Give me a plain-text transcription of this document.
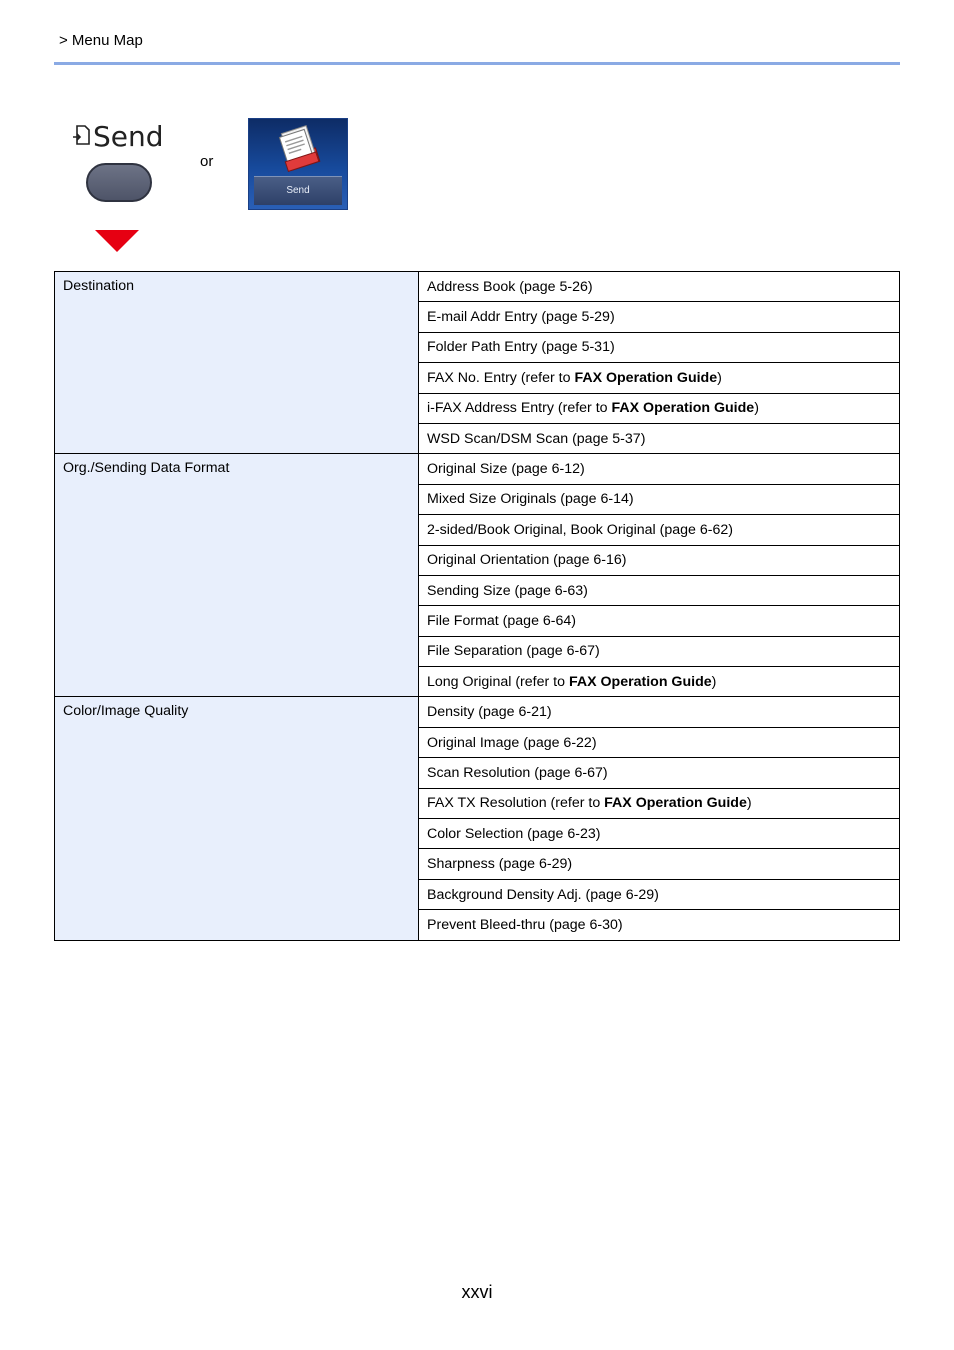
> Menu Map
Send
or
Send
Destination	Address Book (page 5-26)
	E-mail Addr Entry (page 5-29)
	Folder Path Entry (page 5-31)
	FAX No. Entry (refer to FAX Operation Guide)
	i-FAX Address Entry (refer to FAX Operation Guide)
	WSD Scan/DSM Scan (page 5-37)
Org./Sending Data Format	Original Size (page 6-12)
	Mixed Size Originals (page 6-14)
	2-sided/Book Original, Book Original (page 6-62)
	Original Orientation (page 6-16)
	Sending Size (page 6-63)
	File Format (page 6-64)
	File Separation (page 6-67)
	Long Original (refer to FAX Operation Guide)
Color/Image Quality	Density (page 6-21)
	Original Image (page 6-22)
	Scan Resolution (page 6-67)
	FAX TX Resolution (refer to FAX Operation Guide)
	Color Selection (page 6-23)
	Sharpness (page 6-29)
	Background Density Adj. (page 6-29)
	Prevent Bleed-thru (page 6-30)
xxvi
